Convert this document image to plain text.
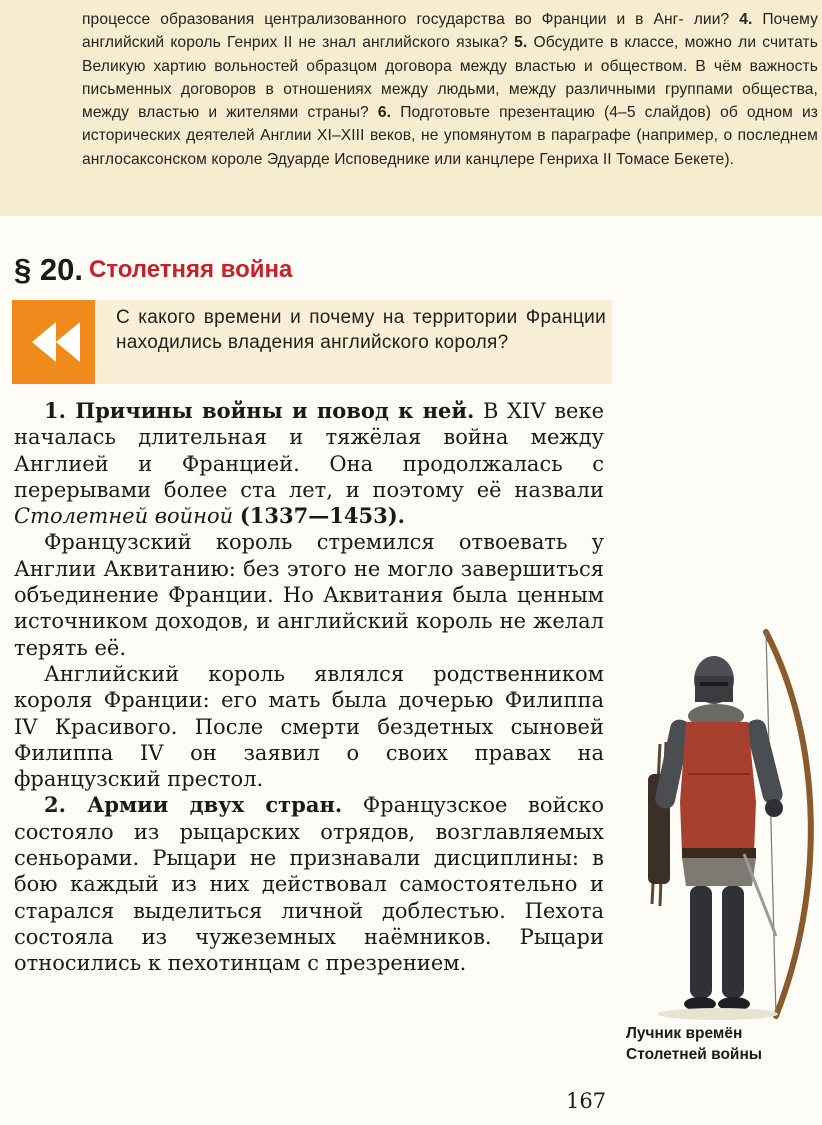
процессе образования централизованного государства во Франции и в Анг- лии? 4. Почему английский король Генрих II не знал английского языка? 5. Обсудите в классе, можно ли считать Великую хартию вольностей образцом договора между властью и обществом. В чём важность письменных договоров в отношениях между людьми, между различными группами общества, между властью и жителями страны? 6. Подготовьте презентацию (4–5 слайдов) об одном из исторических деятелей Англии XI–XIII веков, не упомянутом в параграфе (например, о последнем англосаксонском короле Эдуарде Исповеднике или канцлере Генриха II Томасе Бекете).
§ 20. Столетняя война
С какого времени и почему на территории Франции находились владения английского короля?

1. Причины войны и повод к ней. В XIV веке началась длительная и тяжёлая война между Англией и Францией. Она продолжалась с перерывами более ста лет, и поэтому её назвали Столетней войной (1337—1453).

Французский король стремился отвоевать у Англии Аквитанию: без этого не могло завершиться объединение Франции. Но Аквитания была ценным источником доходов, и английский король не желал терять её.

Английский король являлся родственником короля Франции: его мать была дочерью Филиппа IV Красивого. После смерти бездетных сыновей Филиппа IV он заявил о своих правах на французский престол.

2. Армии двух стран. Французское войско состояло из рыцарских отрядов, возглавляемых сеньорами. Рыцари не признавали дисциплины: в бою каждый из них действовал самостоятельно и старался выделиться личной доблестью. Пехота состояла из чужеземных наёмников. Рыцари относились к пехотинцам с презрением.

Лучник времён
Столетней войны
167
